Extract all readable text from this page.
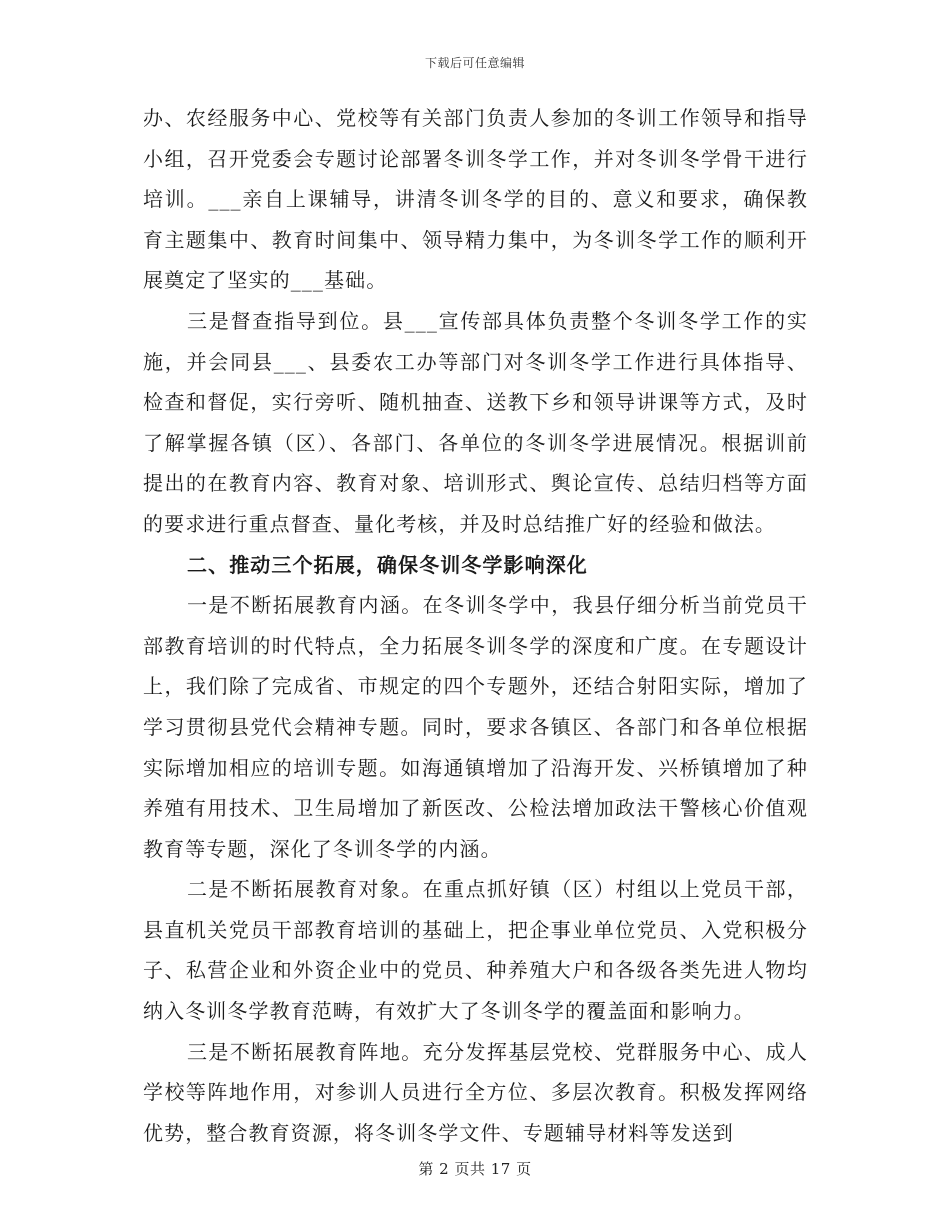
下载后可任意编辑

办、农经服务中心、党校等有关部门负责人参加的冬训工作领导和指导小组，召开党委会专题讨论部署冬训冬学工作，并对冬训冬学骨干进行培训。___亲自上课辅导，讲清冬训冬学的目的、意义和要求，确保教育主题集中、教育时间集中、领导精力集中，为冬训冬学工作的顺利开展奠定了坚实的___基础。

三是督查指导到位。县___宣传部具体负责整个冬训冬学工作的实施，并会同县___、县委农工办等部门对冬训冬学工作进行具体指导、检查和督促，实行旁听、随机抽查、送教下乡和领导讲课等方式，及时了解掌握各镇（区）、各部门、各单位的冬训冬学进展情况。根据训前提出的在教育内容、教育对象、培训形式、舆论宣传、总结归档等方面的要求进行重点督查、量化考核，并及时总结推广好的经验和做法。

二、推动三个拓展，确保冬训冬学影响深化

一是不断拓展教育内涵。在冬训冬学中，我县仔细分析当前党员干部教育培训的时代特点，全力拓展冬训冬学的深度和广度。在专题设计上，我们除了完成省、市规定的四个专题外，还结合射阳实际，增加了学习贯彻县党代会精神专题。同时，要求各镇区、各部门和各单位根据实际增加相应的培训专题。如海通镇增加了沿海开发、兴桥镇增加了种养殖有用技术、卫生局增加了新医改、公检法增加政法干警核心价值观教育等专题，深化了冬训冬学的内涵。

二是不断拓展教育对象。在重点抓好镇（区）村组以上党员干部，县直机关党员干部教育培训的基础上，把企事业单位党员、入党积极分子、私营企业和外资企业中的党员、种养殖大户和各级各类先进人物均纳入冬训冬学教育范畴，有效扩大了冬训冬学的覆盖面和影响力。

三是不断拓展教育阵地。充分发挥基层党校、党群服务中心、成人学校等阵地作用，对参训人员进行全方位、多层次教育。积极发挥网络优势，整合教育资源，将冬训冬学文件、专题辅导材料等发送到

第 2 页共 17 页
